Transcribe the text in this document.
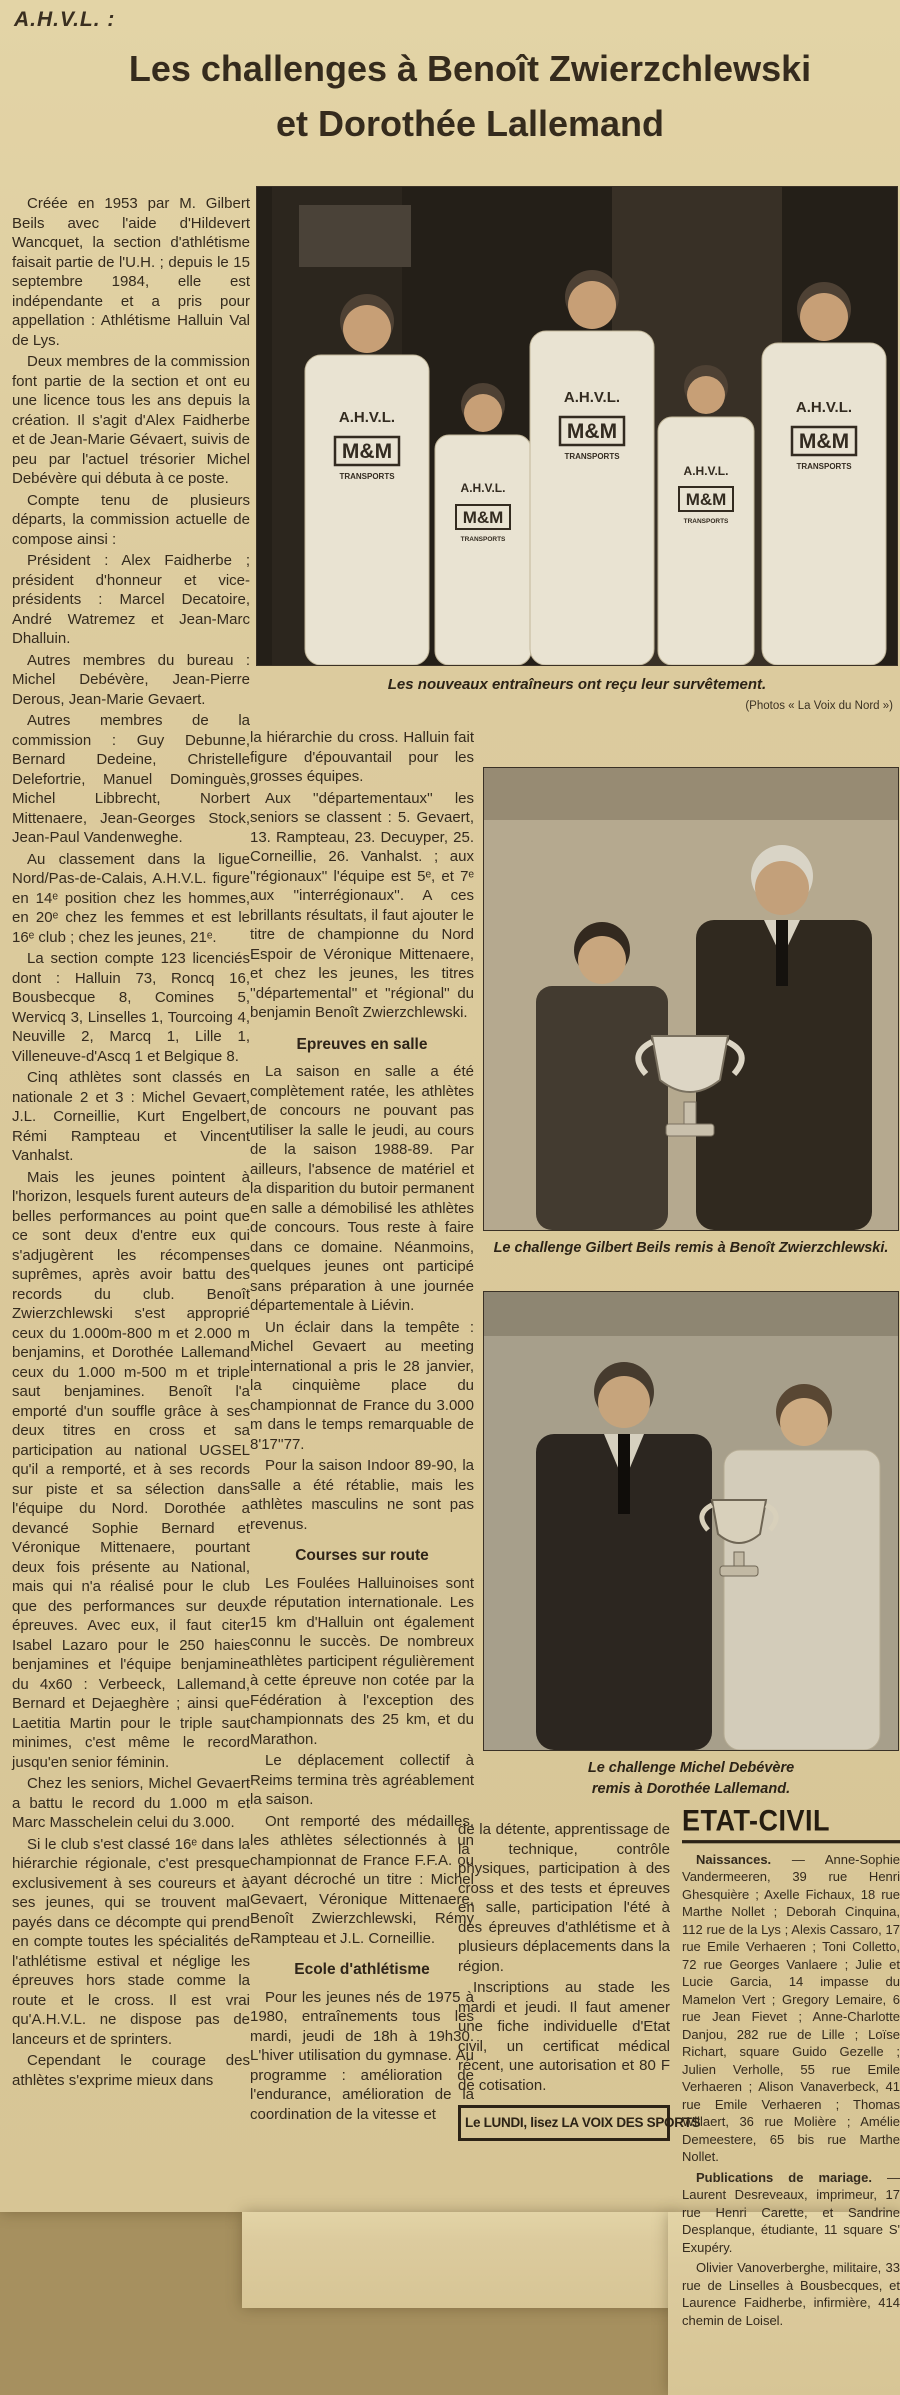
A.H.V.L. :
Les challenges à Benoît Zwierzchlewski
et Dorothée Lallemand
A.H.V.L.
M&M
TRANSPORTS
A.H.V.L.
M&M
TRANSPORTS
A.H.V.L.
M&M
TRANSPORTS
A.H.V.L.
M&M
TRANSPORTS
A.H.V.L.
M&M
TRANSPORTS
Les nouveaux entraîneurs ont reçu leur survêtement.
(Photos « La Voix du Nord »)

Créée en 1953 par M. Gilbert Beils avec l'aide d'Hildevert Wancquet, la section d'athlétisme faisait partie de l'U.H. ; depuis le 15 septembre 1984, elle est indépendante et a pris pour appellation : Athlétisme Halluin Val de Lys.

Deux membres de la commission font partie de la section et ont eu une licence tous les ans depuis la création. Il s'agit d'Alex Faidherbe et de Jean-Marie Gévaert, suivis de peu par l'actuel trésorier Michel Debévère qui débuta à ce poste.

Compte tenu de plusieurs départs, la commission actuelle de compose ainsi :

Président : Alex Faidherbe ; président d'honneur et vice-présidents : Marcel Decatoire, André Watremez et Jean-Marc Dhalluin.

Autres membres du bureau : Michel Debévère, Jean-Pierre Derous, Jean-Marie Gevaert.

Autres membres de la commission : Guy Debunne, Bernard Dedeine, Christelle Delefortrie, Manuel Dominguès, Michel Libbrecht, Norbert Mittenaere, Jean-Georges Stock, Jean-Paul Vandenweghe.

Au classement dans la ligue Nord/Pas-de-Calais, A.H.V.L. figure en 14ᵉ position chez les hommes, en 20ᵉ chez les femmes et est le 16ᵉ club ; chez les jeunes, 21ᵉ.

La section compte 123 licenciés dont : Halluin 73, Roncq 16, Bousbecque 8, Comines 5, Wervicq 3, Linselles 1, Tourcoing 4, Neuville 2, Marcq 1, Lille 1, Villeneuve-d'Ascq 1 et Belgique 8.

Cinq athlètes sont classés en nationale 2 et 3 : Michel Gevaert, J.L. Corneillie, Kurt Engelbert, Rémi Rampteau et Vincent Vanhalst.

Mais les jeunes pointent à l'horizon, lesquels furent auteurs de belles performances au point que ce sont deux d'entre eux qui s'adjugèrent les récompenses suprêmes, après avoir battu des records du club. Benoît Zwierzchlewski s'est approprié ceux du 1.000m-800 m et 2.000 m benjamins, et Dorothée Lallemand ceux du 1.000 m-500 m et triple saut benjamines. Benoît l'a emporté d'un souffle grâce à ses deux titres en cross et sa participation au national UGSEL qu'il a remporté, et à ses records sur piste et sa sélection dans l'équipe du Nord. Dorothée a devancé Sophie Bernard et Véronique Mittenaere, pourtant deux fois présente au National, mais qui n'a réalisé pour le club que des performances sur deux épreuves. Avec eux, il faut citer Isabel Lazaro pour le 250 haies benjamines et l'équipe benjamine du 4x60 : Verbeeck, Lallemand, Bernard et Dejaeghère ; ainsi que Laetitia Martin pour le triple saut minimes, c'est même le record jusqu'en senior féminin.

Chez les seniors, Michel Gevaert a battu le record du 1.000 m et Marc Masschelein celui du 3.000.

Si le club s'est classé 16ᵉ dans la hiérarchie régionale, c'est presque exclusivement à ses coureurs et à ses jeunes, qui se trouvent mal payés dans ce décompte qui prend en compte toutes les spécialités de l'athlétisme estival et néglige les épreuves hors stade comme la route et le cross. Il est vrai qu'A.H.V.L. ne dispose pas de lanceurs et de sprinters.

Cependant le courage des athlètes s'exprime mieux dans

la hiérarchie du cross. Halluin fait figure d'épouvantail pour les grosses équipes.

Aux ''départementaux'' les seniors se classent : 5. Gevaert, 13. Rampteau, 23. Decuyper, 25. Corneillie, 26. Vanhalst. ; aux ''régionaux'' l'équipe est 5ᵉ, et 7ᵉ aux ''interrégionaux''. A ces brillants résultats, il faut ajouter le titre de championne du Nord Espoir de Véronique Mittenaere, et chez les jeunes, les titres ''départemental'' et ''régional'' du benjamin Benoît Zwierzchlewski.

Epreuves en salle

La saison en salle a été complètement ratée, les athlètes de concours ne pouvant pas utiliser la salle le jeudi, au cours de la saison 1988-89. Par ailleurs, l'absence de matériel et la disparition du butoir permanent en salle a démobilisé les athlètes de concours. Tous reste à faire dans ce domaine. Néanmoins, quelques jeunes ont participé sans préparation à une journée départementale à Liévin.

Un éclair dans la tempête : Michel Gevaert au meeting international a pris le 28 janvier, la cinquième place du championnat de France du 3.000 m dans le temps remarquable de 8'17''77.

Pour la saison Indoor 89-90, la salle a été rétablie, mais les athlètes masculins ne sont pas revenus.

Courses sur route

Les Foulées Halluinoises sont de réputation internationale. Les 15 km d'Halluin ont également connu le succès. De nombreux athlètes participent régulièrement à cette épreuve non cotée par la Fédération à l'exception des championnats des 25 km, et du Marathon.

Le déplacement collectif à Reims termina très agréablement la saison.

Ont remporté des médailles, les athlètes sélectionnés à un championnat de France F.F.A. ou ayant décroché un titre : Michel Gevaert, Véronique Mittenaere, Benoît Zwierzchlewski, Rémy Rampteau et J.L. Corneillie.

Ecole d'athlétisme

Pour les jeunes nés de 1975 à 1980, entraînements tous les mardi, jeudi de 18h à 19h30. L'hiver utilisation du gymnase. Au programme : amélioration de l'endurance, amélioration de la coordination de la vitesse et

Le challenge Gilbert Beils remis à Benoît Zwierzchlewski.
Le challenge Michel Debévère
remis à Dorothée Lallemand.

de la détente, apprentissage de la technique, contrôle physiques, participation à des cross et des tests et épreuves en salle, participation l'été à des épreuves d'athlétisme et à plusieurs déplacements dans la région.

Inscriptions au stade les mardi et jeudi. Il faut amener une fiche individuelle d'Etat civil, un certificat médical récent, une autorisation et 80 F de cotisation.

Le LUNDI, lisez LA VOIX DES SPORTS
ETAT-CIVIL

Naissances. — Anne-Sophie Vandermeeren, 39 rue Henri Ghesquière ; Axelle Fichaux, 18 rue Marthe Nollet ; Deborah Cinquina, 112 rue de la Lys ; Alexis Cassaro, 17 rue Emile Verhaeren ; Toni Colletto, 72 rue Georges Vanlaere ; Julie et Lucie Garcia, 14 impasse du Mamelon Vert ; Gregory Lemaire, 6 rue Jean Fievet ; Anne-Charlotte Danjou, 282 rue de Lille ; Loïse Richart, square Guido Gezelle ; Julien Verholle, 55 rue Emile Verhaeren ; Alison Vanaverbeck, 41 rue Emile Verhaeren ; Thomas Willaert, 36 rue Molière ; Amélie Demeestere, 65 bis rue Marthe Nollet.

Publications de mariage. — Laurent Desreveaux, imprimeur, 17 rue Henri Carette, et Sandrine Desplanque, étudiante, 11 square S' Exupéry.

Olivier Vanoverberghe, militaire, 33 rue de Linselles à Bousbecques, et Laurence Faidherbe, infirmière, 414 chemin de Loisel.
